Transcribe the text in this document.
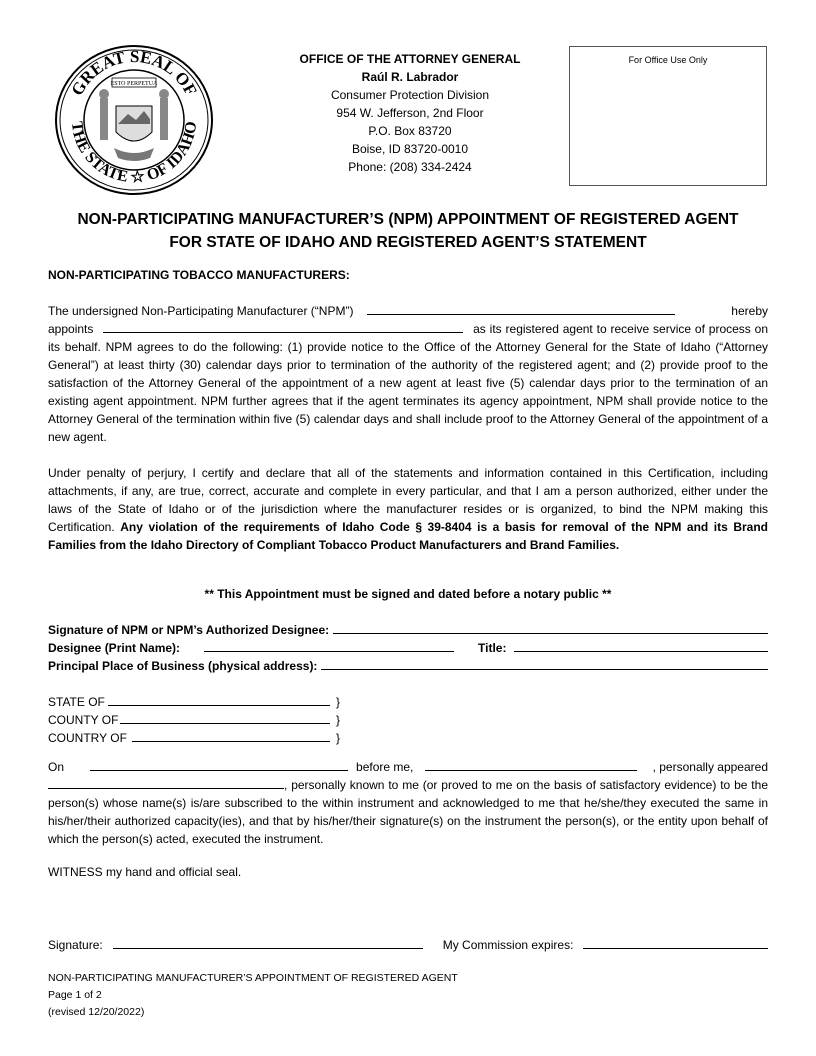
GREAT SEAL OF
THE STATE ☆ OF IDAHO
ESTO PERPETUA
OFFICE OF THE ATTORNEY GENERAL
Raúl R. Labrador
Consumer Protection Division
954 W. Jefferson, 2nd Floor
P.O. Box 83720
Boise, ID 83720-0010
Phone: (208) 334-2424
For Office Use Only
NON-PARTICIPATING MANUFACTURER’S (NPM) APPOINTMENT OF REGISTERED AGENT
FOR STATE OF IDAHO AND REGISTERED AGENT’S STATEMENT
NON-PARTICIPATING TOBACCO MANUFACTURERS:
The undersigned Non-Participating Manufacturer (“NPM”)	hereby
appoints	as its registered agent to receive service of process on its behalf. NPM agrees to do the following: (1) provide notice to the Office of the Attorney General for the State of Idaho (“Attorney General”) at least thirty (30) calendar days prior to termination of the authority of the registered agent; and (2) provide proof to the satisfaction of the Attorney General of the appointment of a new agent at least five (5) calendar days prior to the termination of an existing agent appointment. NPM further agrees that if the agent terminates its agency appointment, NPM shall provide notice to the Attorney General of the termination within five (5) calendar days and shall include proof to the Attorney General of the appointment of a new agent.
Under penalty of perjury, I certify and declare that all of the statements and information contained in this Certification, including attachments, if any, are true, correct, accurate and complete in every particular, and that I am a person authorized, either under the laws of the State of Idaho or of the jurisdiction where the manufacturer resides or is organized, to bind the NPM making this Certification. Any violation of the requirements of Idaho Code § 39-8404 is a basis for removal of the NPM and its Brand Families from the Idaho Directory of Compliant Tobacco Product Manufacturers and Brand Families.
** This Appointment must be signed and dated before a notary public **
Signature of NPM or NPM’s Authorized Designee:
Designee (Print Name):	Title:
Principal Place of Business (physical address):
STATE OF	}
COUNTY OF	}
COUNTRY OF	}
On	before me,	, personally appeared
, personally known to me (or proved to me on the basis of satisfactory evidence) to be the person(s) whose name(s) is/are subscribed to the within instrument and acknowledged to me that he/she/they executed the same in his/her/their authorized capacity(ies), and that by his/her/their signature(s) on the instrument the person(s), or the entity upon behalf of which the person(s) acted, executed the instrument.
WITNESS my hand and official seal.
Signature:	My Commission expires:
NON-PARTICIPATING MANUFACTURER’S APPOINTMENT OF REGISTERED AGENT
Page 1 of 2
(revised 12/20/2022)
